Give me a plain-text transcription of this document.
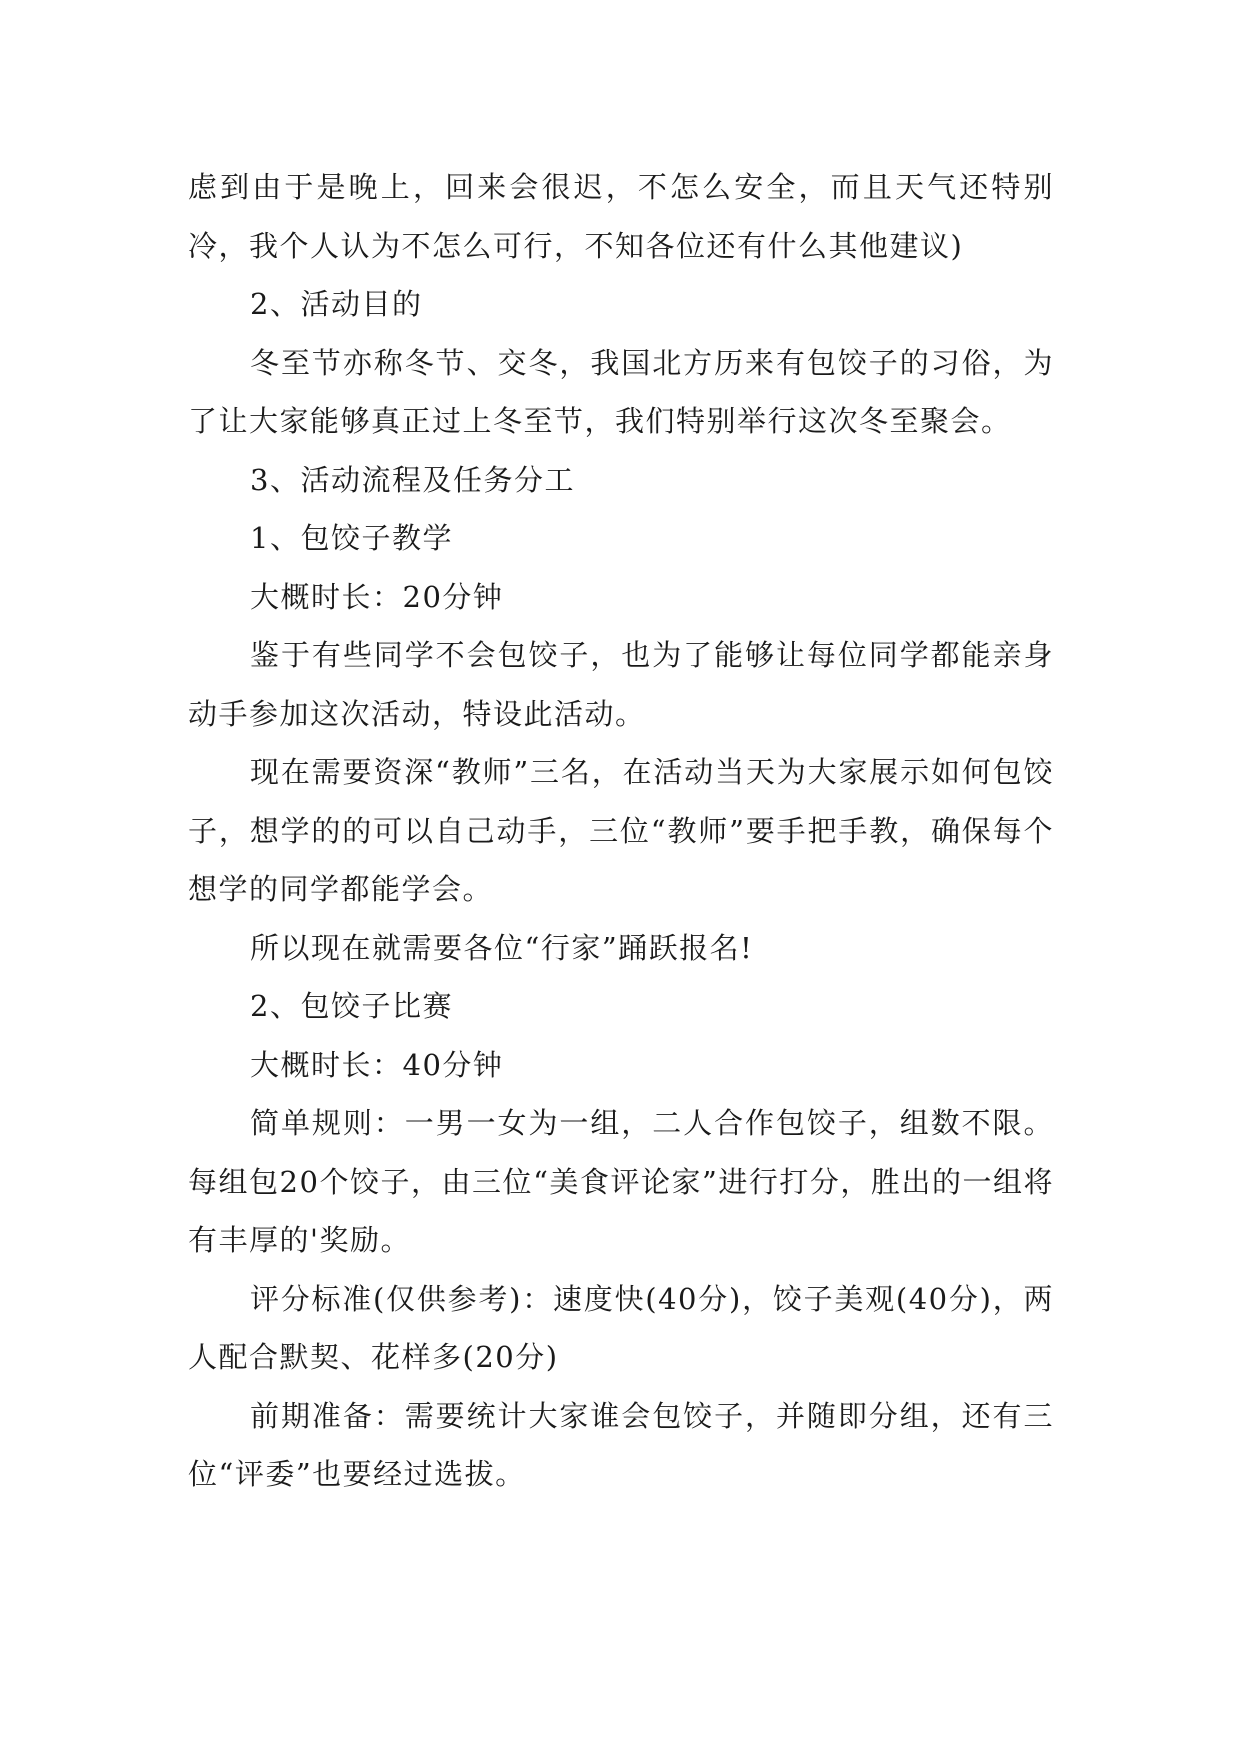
虑到由于是晚上，回来会很迟，不怎么安全，而且天气还特别冷，我个人认为不怎么可行，不知各位还有什么其他建议)

2、活动目的

冬至节亦称冬节、交冬，我国北方历来有包饺子的习俗，为了让大家能够真正过上冬至节，我们特别举行这次冬至聚会。

3、活动流程及任务分工

1、包饺子教学

大概时长：20分钟

鉴于有些同学不会包饺子，也为了能够让每位同学都能亲身动手参加这次活动，特设此活动。

现在需要资深“教师”三名，在活动当天为大家展示如何包饺子，想学的的可以自己动手，三位“教师”要手把手教，确保每个想学的同学都能学会。

所以现在就需要各位“行家”踊跃报名!

2、包饺子比赛

大概时长：40分钟

简单规则：一男一女为一组，二人合作包饺子，组数不限。每组包20个饺子，由三位“美食评论家”进行打分，胜出的一组将有丰厚的'奖励。

评分标准(仅供参考)：速度快(40分)，饺子美观(40分)，两人配合默契、花样多(20分)

前期准备：需要统计大家谁会包饺子，并随即分组，还有三位“评委”也要经过选拔。
